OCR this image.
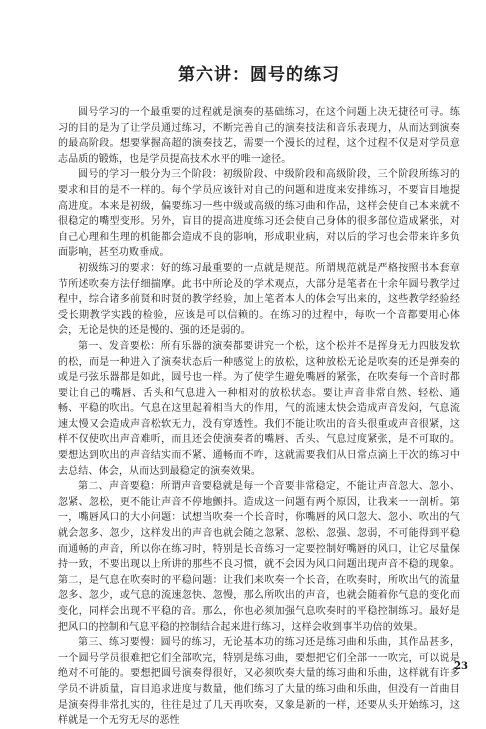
第六讲：圆号的练习

圆号学习的一个最重要的过程就是演奏的基础练习，在这个问题上决无捷径可寻。练习的目的是为了让学员通过练习，不断完善自己的演奏技法和音乐表现力，从而达到演奏的最高阶段。想要掌握高超的演奏技艺，需要一个漫长的过程，这个过程不仅是对学员意志品质的锻炼，也是学员提高技术水平的唯一途径。

圆号的学习一般分为三个阶段：初级阶段、中级阶段和高级阶段，三个阶段所练习的要求和目的是不一样的。每个学员应该针对自己的问题和进度来安排练习，不要盲目地提高进度。本来是初级，偏要练习一些中级或高级的练习曲和作品，这样会使自己本来就不很稳定的嘴型变形。另外，盲目的提高进度练习还会使自己身体的很多部位造成紧张，对自己心理和生理的机能都会造成不良的影响，形成职业病，对以后的学习也会带来许多负面影响，甚至功败垂成。

初级练习的要求：好的练习最重要的一点就是规范。所谓规范就是严格按照书本套章节所述吹奏方法仔细揣摩。此书中所论及的学术观点，大部分是笔者在十余年圆号教学过程中，综合诸多前贤和时贤的教学经验，加上笔者本人的体会写出来的，这些教学经验经受长期教学实践的检验，应该是可以信赖的。在练习的过程中，每吹一个音都要用心体会，无论是快的还是慢的、强的还是弱的。

第一、发音要松：所有乐器的演奏都要讲究一个松，这个松并不是挥身无力四肢发软的松，而是一种进入了演奏状态后一种感觉上的放松，这种放松无论是吹奏的还是弹奏的或是弓弦乐器都是如此，圆号也一样。为了使学生避免嘴唇的紧张，在吹奏每一个音时都要让自己的嘴唇、舌头和气息进入一种相对的放松状态。要让声音非常自然、轻松、通畅、平稳的吹出。气息在这里起着相当大的作用，气的流速太快会造成声音发闷，气息流速太慢又会造成声音松软无力，没有穿透性。我们不能让吹出的音头很重或声音很紧，这样不仅使吹出声音难听，而且还会使演奏者的嘴唇、舌头、气息过度紧张，是不可取的。要想达到吹出的声音结实而不紧、通畅而不咋，这就需要我们从日常点滴上干次的练习中去总结、体会，从而达到最稳定的演奏效果。

第二、声音要稳：所谓声音要稳就是每一个音要非常稳定，不能让声音忽大、忽小、忽紧、忽松，更不能让声音不停地颤抖。造成这一问题有两个原因，让我来一一剖析。第一，嘴唇风口的大小问题：试想当吹奏一个长音时，你嘴唇的风口忽大、忽小、吹出的气就会忽多、忽少，这样发出的声音也就会随之忽紧、忽松、忽强、忽弱，不可能得到平稳而通畅的声音，所以你在练习时，特别是长音练习一定要控制好嘴唇的风口，让它尽量保持一致，不要出现以上所讲的那些不良习惯，就不会因为风口问题出现声音不稳的现象。第二，是气息在吹奏时的平稳问题：让我们来吹奏一个长音，在吹奏时，所吹出气的流量忽多、忽少，或气息的流速忽快、忽慢，那么所吹出的声音，也就会随着你气息的变化而变化，同样会出现不平稳的音。那么，你也必须加强气息吹奏时的平稳控制练习。最好是把风口的控制和气息平稳的控制结合起来进行练习，这样会收到事半功倍的效果。

第三、练习要慢：圆号的练习，无论基本功的练习还是练习曲和乐曲，其作品甚多，一个圆号学员很难把它们全部吹完，特别是练习曲，要想把它们全部一一吹完，可以说是绝对不可能的。要想把圆号演奏得很好，又必须吹奏大量的练习曲和乐曲，这样就有许多学员不讲质量，盲目追求进度与数量，他们练习了大量的练习曲和乐曲，但没有一首曲目是演奏得非常扎实的，往往是过了几天再吹奏，又象是新的一样，还要从头开始练习，这样就是一个无穷无尽的恶性

23
